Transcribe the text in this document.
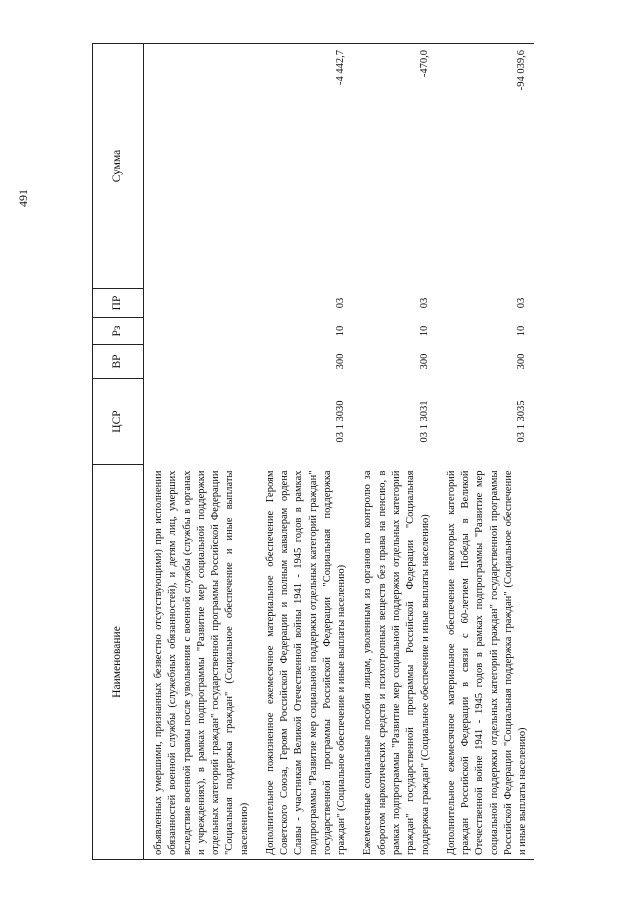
Наименование	ЦСР	ВР	Рз	ПР	Сумма
объявленных умершими, признанных безвестно отсутствующими) при исполнении обязанностей военной службы (служебных обязанностей), и детям лиц, умерших вследствие военной травмы после увольнения с военной службы (службы в органах и учреждениях), в рамках подпрограммы "Развитие мер социальной поддержки отдельных категорий граждан" государственной программы Российской Федерации "Социальная поддержка граждан" (Социальное обеспечение и иные выплаты населению)					
Дополнительное пожизненное ежемесячное материальное обеспечение Героям Советского Союза, Героям Российской Федерации и полным кавалерам ордена Славы - участникам Великой Отечественной войны 1941 - 1945 годов в рамках подпрограммы "Развитие мер социальной поддержки отдельных категорий граждан" государственной программы Российской Федерации "Социальная поддержка граждан" (Социальное обеспечение и иные выплаты населению)	03 1 3030	300	10	03	-4 442,7
Ежемесячные социальные пособия лицам, уволенным из органов по контролю за оборотом наркотических средств и психотропных веществ без права на пенсию, в рамках подпрограммы "Развитие мер социальной поддержки отдельных категорий граждан" государственной программы Российской Федерации "Социальная поддержка граждан" (Социальное обеспечение и иные выплаты населению)	03 1 3031	300	10	03	-470,0
Дополнительное ежемесячное материальное обеспечение некоторых категорий граждан Российской Федерации в связи с 60-летием Победы в Великой Отечественной войне 1941 - 1945 годов в рамках подпрограммы "Развитие мер социальной поддержки отдельных категорий граждан" государственной программы Российской Федерации "Социальная поддержка граждан" (Социальное обеспечение и иные выплаты населению)	03 1 3035	300	10	03	-94 039,6
491
